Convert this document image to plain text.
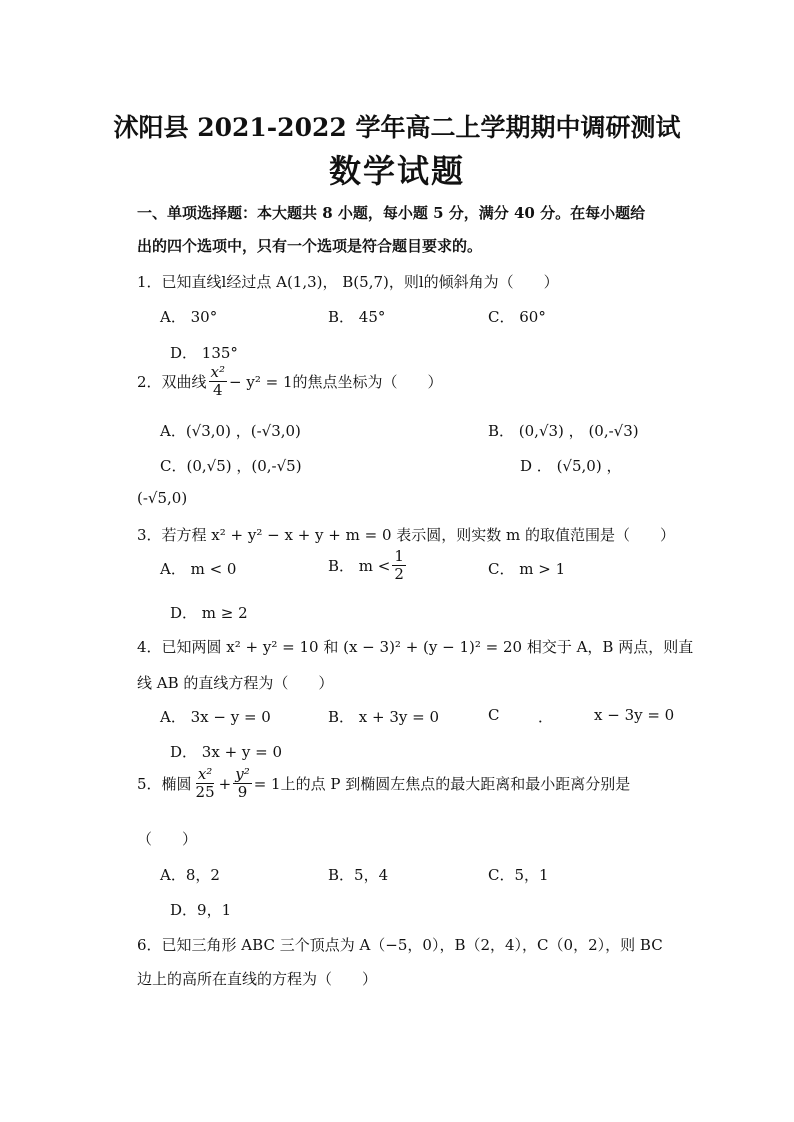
沭阳县 2021-2022 学年高二上学期期中调研测试
数学试题
一、单项选择题：本大题共 8 小题，每小题 5 分，满分 40 分。在每小题给
出的四个选项中，只有一个选项是符合题目要求的。
1．已知直线l经过点 A(1,3)， B(5,7)，则l的倾斜角为（　　）
A． 30°	B． 45°	C． 60°
D． 135°
2．双曲线 $\frac{\text{x²}}{4} - y^2 = 1$的焦点坐标为（　　）
A．(√3,0) ，(-√3,0)	B． (0,√3) ， (0,-√3)
C．(0,√5) ，(0,-√5)	D ． (√5,0) ，
(-√5,0)
3．若方程 x² + y² − x + y + m = 0 表示圆，则实数 m 的取值范围是（　　）
A． m < 0	B． $m < \frac{1}{2}$	C． m > 1
D． m ≥ 2
4．已知两圆 x² + y² = 10 和 (x − 3)² + (y − 1)² = 20 相交于 A，B 两点，则直
线 AB 的直线方程为（　　）
A． 3x − y = 0	B． x + 3y = 0	C	．	x − 3y = 0
D． 3x + y = 0
5．椭圆 $\frac{\text{x²}}{25} + \frac{\text{y²}}{9} = 1$上的点 P 到椭圆左焦点的最大距离和最小距离分别是
（　　）
A．8，2	B．5，4	C．5，1
D．9，1
6．已知三角形 ABC 三个顶点为 A（−5，0），B（2，4），C（0，2），则 BC
边上的高所在直线的方程为（　　）
